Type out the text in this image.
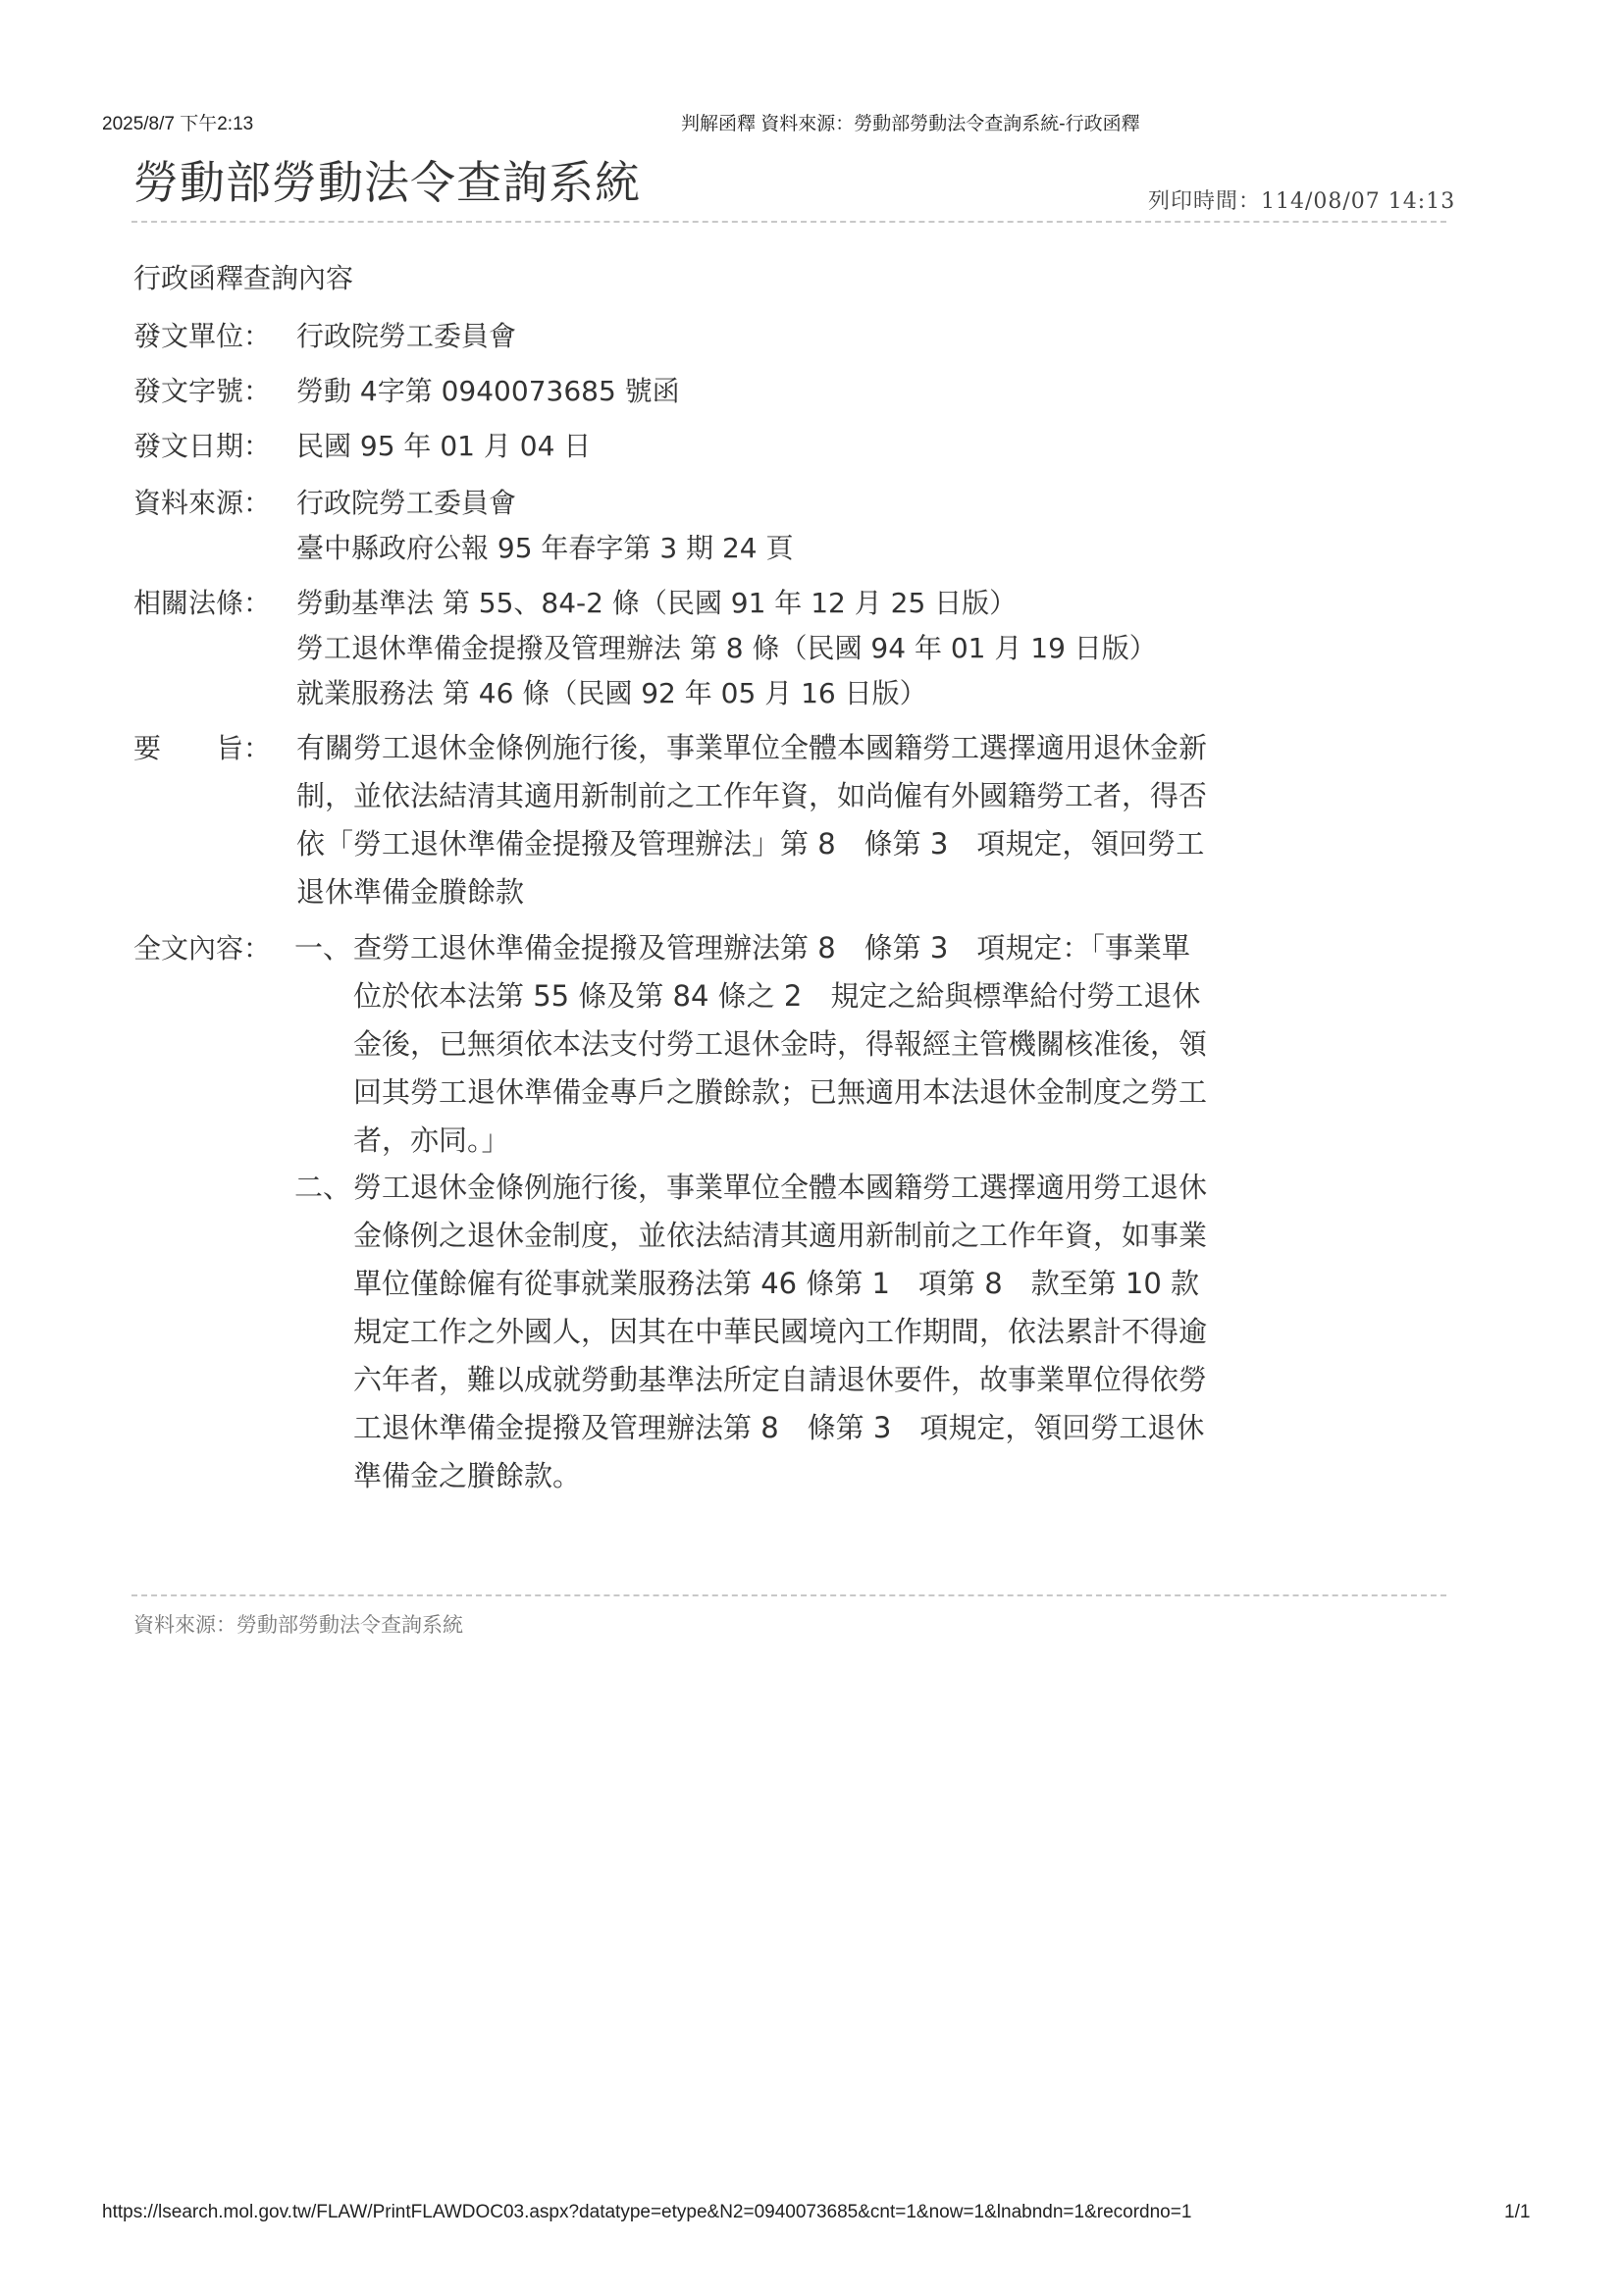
2025/8/7 下午2:13	判解函釋 資料來源：勞動部勞動法令查詢系統-行政函釋
勞動部勞動法令查詢系統	列印時間：114/08/07 14:13
行政函釋查詢內容
發文單位： 行政院勞工委員會
發文字號： 勞動 4字第 0940073685 號函
發文日期： 民國 95 年 01 月 04 日
資料來源： 行政院勞工委員會
臺中縣政府公報 95 年春字第 3 期 24 頁
相關法條： 勞動基準法 第 55、84-2 條（民國 91 年 12 月 25 日版）
勞工退休準備金提撥及管理辦法 第 8 條（民國 94 年 01 月 19 日版）
就業服務法 第 46 條（民國 92 年 05 月 16 日版）
要　　旨： 有關勞工退休金條例施行後，事業單位全體本國籍勞工選擇適用退休金新
制，並依法結清其適用新制前之工作年資，如尚僱有外國籍勞工者，得否
依「勞工退休準備金提撥及管理辦法」第 8　條第 3　項規定，領回勞工
退休準備金賸餘款
全文內容： 一、 查勞工退休準備金提撥及管理辦法第 8　條第 3　項規定：「事業單
位於依本法第 55 條及第 84 條之 2　規定之給與標準給付勞工退休
金後，已無須依本法支付勞工退休金時，得報經主管機關核准後，領
回其勞工退休準備金專戶之賸餘款；已無適用本法退休金制度之勞工
者，亦同。」
二、 勞工退休金條例施行後，事業單位全體本國籍勞工選擇適用勞工退休
金條例之退休金制度，並依法結清其適用新制前之工作年資，如事業
單位僅餘僱有從事就業服務法第 46 條第 1　項第 8　款至第 10 款
規定工作之外國人，因其在中華民國境內工作期間，依法累計不得逾
六年者，難以成就勞動基準法所定自請退休要件，故事業單位得依勞
工退休準備金提撥及管理辦法第 8　條第 3　項規定，領回勞工退休
準備金之賸餘款。
資料來源：勞動部勞動法令查詢系統
https://lsearch.mol.gov.tw/FLAW/PrintFLAWDOC03.aspx?datatype=etype&N2=0940073685&cnt=1&now=1&lnabndn=1&recordno=1	1/1
